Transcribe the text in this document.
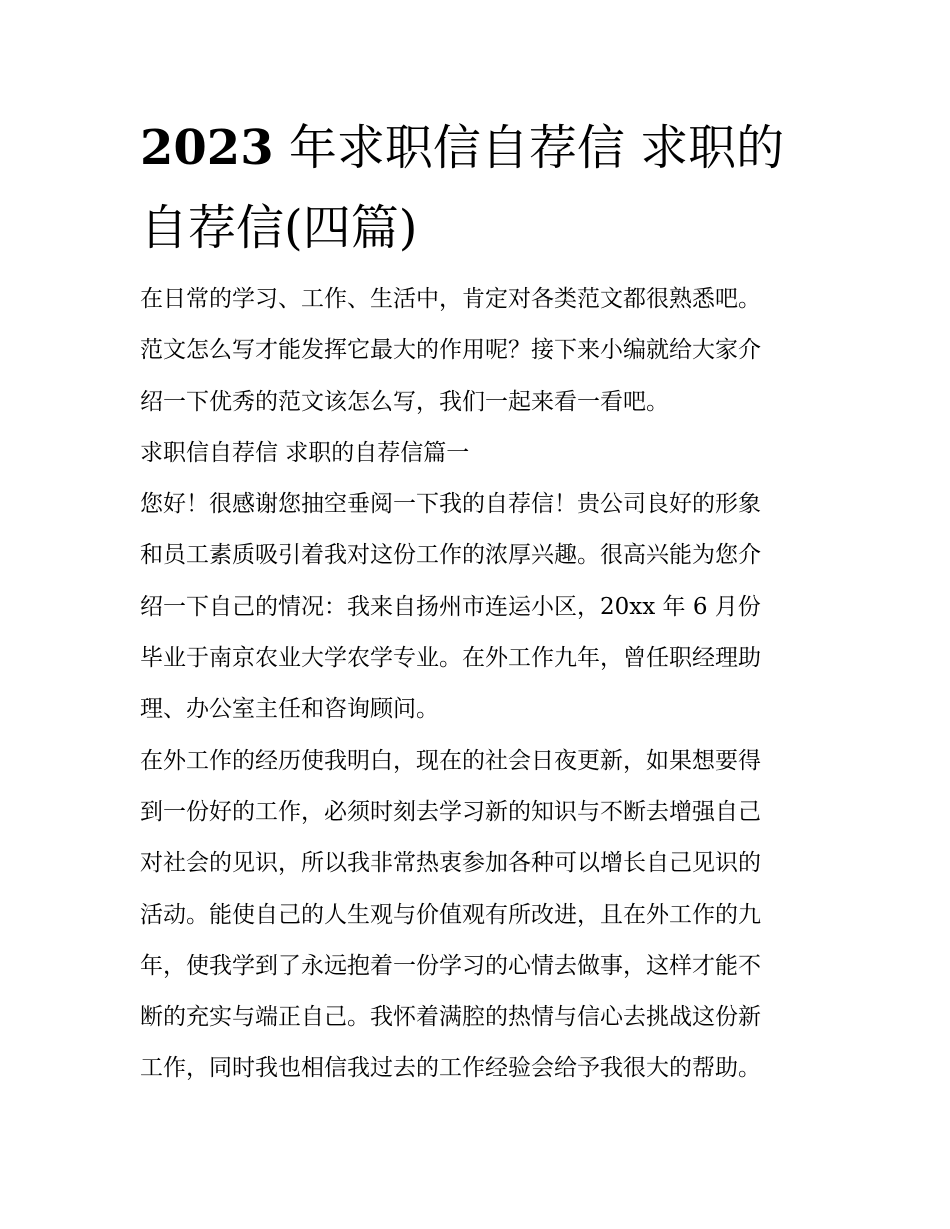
2023 年求职信自荐信 求职的
自荐信(四篇)

在日常的学习、工作、生活中，肯定对各类范文都很熟悉吧。
范文怎么写才能发挥它最大的作用呢？接下来小编就给大家介
绍一下优秀的范文该怎么写，我们一起来看一看吧。

求职信自荐信 求职的自荐信篇一

您好！很感谢您抽空垂阅一下我的自荐信！贵公司良好的形象
和员工素质吸引着我对这份工作的浓厚兴趣。很高兴能为您介
绍一下自己的情况：我来自扬州市连运小区，20xx 年 6 月份
毕业于南京农业大学农学专业。在外工作九年，曾任职经理助
理、办公室主任和咨询顾问。

在外工作的经历使我明白，现在的社会日夜更新，如果想要得
到一份好的工作，必须时刻去学习新的知识与不断去增强自己
对社会的见识，所以我非常热衷参加各种可以增长自己见识的
活动。能使自己的人生观与价值观有所改进，且在外工作的九
年，使我学到了永远抱着一份学习的心情去做事，这样才能不
断的充实与端正自己。我怀着满腔的热情与信心去挑战这份新
工作，同时我也相信我过去的工作经验会给予我很大的帮助。
